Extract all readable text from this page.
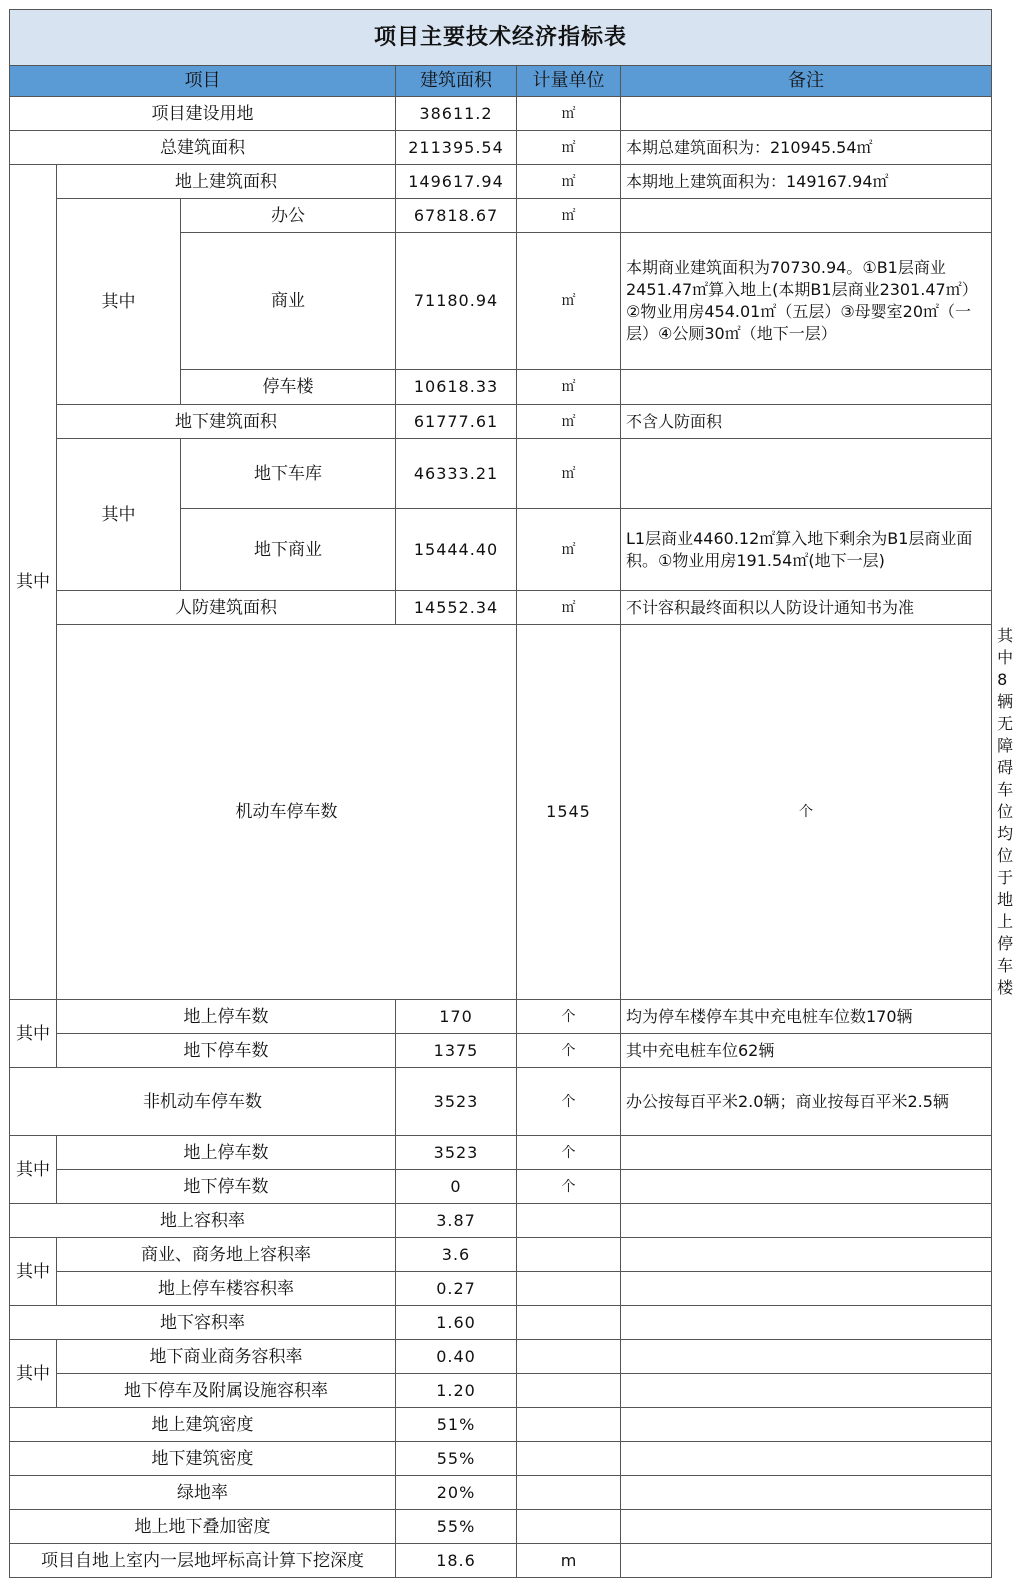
项目主要技术经济指标表						
项目			建筑面积	计量单位	备注	
项目建设用地			38611.2	㎡		
总建筑面积			211395.54	㎡	本期总建筑面积为：210945.54㎡	
其中	地上建筑面积		149617.94	㎡	本期地上建筑面积为：149167.94㎡	
	其中	办公	67818.67	㎡		
		商业	71180.94	㎡	本期商业建筑面积为70730.94。①B1层商业2451.47㎡算入地上(本期B1层商业2301.47㎡）②物业用房454.01㎡（五层）③母婴室20㎡（一层）④公厕30㎡（地下一层）	
		停车楼	10618.33	㎡		
	地下建筑面积		61777.61	㎡	不含人防面积	
	其中	地下车库	46333.21	㎡		
		地下商业	15444.40	㎡	L1层商业4460.12㎡算入地下剩余为B1层商业面积。①物业用房191.54㎡(地下一层)	
	人防建筑面积		14552.34	㎡	不计容积最终面积以人防设计通知书为准	
	机动车停车数			1545	个	其中8辆无障碍车位均位于地上停车楼
其中	地上停车数		170	个	均为停车楼停车其中充电桩车位数170辆	
	地下停车数		1375	个	其中充电桩车位62辆	
非机动车停车数			3523	个	办公按每百平米2.0辆；商业按每百平米2.5辆	
其中	地上停车数		3523	个		
	地下停车数		0	个		
地上容积率			3.87			
其中	商业、商务地上容积率		3.6			
	地上停车楼容积率		0.27			
地下容积率			1.60			
其中	地下商业商务容积率		0.40			
	地下停车及附属设施容积率		1.20			
地上建筑密度			51%			
地下建筑密度			55%			
绿地率			20%			
地上地下叠加密度			55%			
项目自地上室内一层地坪标高计算下挖深度			18.6	m		
